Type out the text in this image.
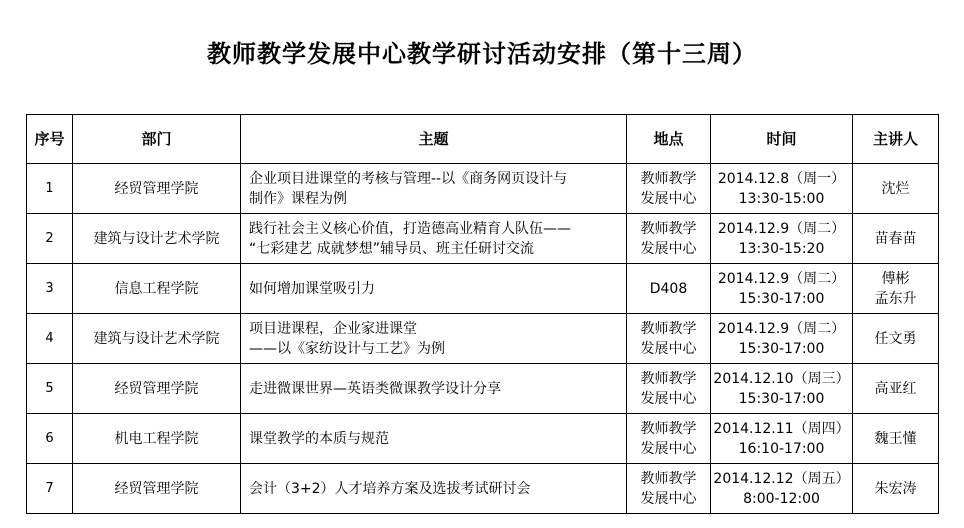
教师教学发展中心教学研讨活动安排（第十三周）
序号	部门	主题	地点	时间	主讲人
1	经贸管理学院	企业项目进课堂的考核与管理--以《商务网页设计与
制作》课程为例	教师教学
发展中心	2014.12.8（周一）
13:30-15:00	沈烂

2	建筑与设计艺术学院	践行社会主义核心价值，打造德高业精育人队伍——
“七彩建艺 成就梦想”辅导员、班主任研讨交流	教师教学
发展中心	2014.12.9（周二）
13:30-15:20	苗春苗

3	信息工程学院	如何增加课堂吸引力	D408	2014.12.9（周二）
15:30-17:00	傅彬
孟东升

4	建筑与设计艺术学院	项目进课程，企业家进课堂
——以《家纺设计与工艺》为例	教师教学
发展中心	2014.12.9（周二）
15:30-17:00	任文勇

5	经贸管理学院	走进微课世界—英语类微课教学设计分享	教师教学
发展中心	2014.12.10（周三）
15:30-17:00	高亚红

6	机电工程学院	课堂教学的本质与规范	教师教学
发展中心	2014.12.11（周四）
16:10-17:00	魏王懂

7	经贸管理学院	会计（3+2）人才培养方案及选拔考试研讨会	教师教学
发展中心	2014.12.12（周五）
8:00-12:00	朱宏涛
